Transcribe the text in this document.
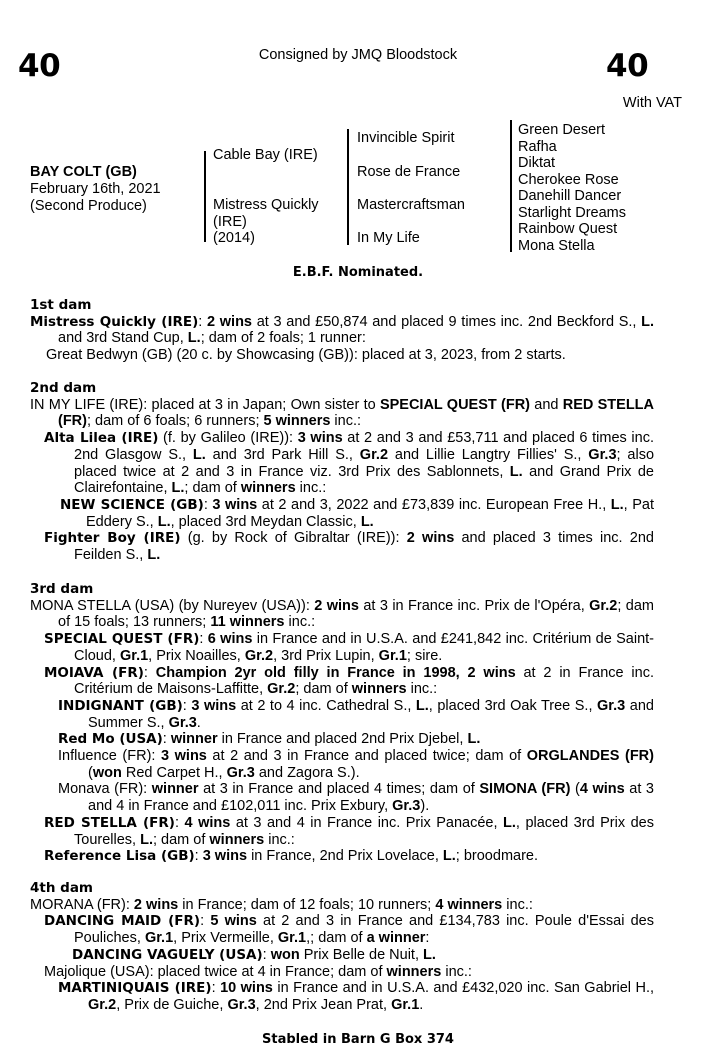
40	Consigned by JMQ Bloodstock	40
With VAT
BAY COLT (GB)
February 16th, 2021
(Second Produce)
Cable Bay (IRE)
Mistress Quickly
(IRE)
(2014)
Invincible Spirit
Rose de France
Mastercraftsman
In My Life
Green Desert
Rafha
Diktat
Cherokee Rose
Danehill Dancer
Starlight Dreams
Rainbow Quest
Mona Stella
E.B.F. Nominated.
1st dam

Mistress Quickly (IRE): 2 wins at 3 and £50,874 and placed 9 times inc. 2nd Beckford S., L. and 3rd Stand Cup, L.; dam of 2 foals; 1 runner:

Great Bedwyn (GB) (20 c. by Showcasing (GB)): placed at 3, 2023, from 2 starts.

2nd dam

IN MY LIFE (IRE): placed at 3 in Japan; Own sister to SPECIAL QUEST (FR) and RED STELLA (FR); dam of 6 foals; 6 runners; 5 winners inc.:

Alta Lilea (IRE) (f. by Galileo (IRE)): 3 wins at 2 and 3 and £53,711 and placed 6 times inc. 2nd Glasgow S., L. and 3rd Park Hill S., Gr.2 and Lillie Langtry Fillies' S., Gr.3; also placed twice at 2 and 3 in France viz. 3rd Prix des Sablonnets, L. and Grand Prix de Clairefontaine, L.; dam of winners inc.:

NEW SCIENCE (GB): 3 wins at 2 and 3, 2022 and £73,839 inc. European Free H., L., Pat Eddery S., L., placed 3rd Meydan Classic, L.

Fighter Boy (IRE) (g. by Rock of Gibraltar (IRE)): 2 wins and placed 3 times inc. 2nd Feilden S., L.

3rd dam

MONA STELLA (USA) (by Nureyev (USA)): 2 wins at 3 in France inc. Prix de l'Opéra, Gr.2; dam of 15 foals; 13 runners; 11 winners inc.:

SPECIAL QUEST (FR): 6 wins in France and in U.S.A. and £241,842 inc. Critérium de Saint-Cloud, Gr.1, Prix Noailles, Gr.2, 3rd Prix Lupin, Gr.1; sire.

MOIAVA (FR): Champion 2yr old filly in France in 1998, 2 wins at 2 in France inc. Critérium de Maisons-Laffitte, Gr.2; dam of winners inc.:

INDIGNANT (GB): 3 wins at 2 to 4 inc. Cathedral S., L., placed 3rd Oak Tree S., Gr.3 and Summer S., Gr.3.

Red Mo (USA): winner in France and placed 2nd Prix Djebel, L.

Influence (FR): 3 wins at 2 and 3 in France and placed twice; dam of ORGLANDES (FR) (won Red Carpet H., Gr.3 and Zagora S.).

Monava (FR): winner at 3 in France and placed 4 times; dam of SIMONA (FR) (4 wins at 3 and 4 in France and £102,011 inc. Prix Exbury, Gr.3).

RED STELLA (FR): 4 wins at 3 and 4 in France inc. Prix Panacée, L., placed 3rd Prix des Tourelles, L.; dam of winners inc.:

Reference Lisa (GB): 3 wins in France, 2nd Prix Lovelace, L.; broodmare.

4th dam

MORANA (FR): 2 wins in France; dam of 12 foals; 10 runners; 4 winners inc.:

DANCING MAID (FR): 5 wins at 2 and 3 in France and £134,783 inc. Poule d'Essai des Pouliches, Gr.1, Prix Vermeille, Gr.1,; dam of a winner:

DANCING VAGUELY (USA): won Prix Belle de Nuit, L.

Majolique (USA): placed twice at 4 in France; dam of winners inc.:

MARTINIQUAIS (IRE): 10 wins in France and in U.S.A. and £432,020 inc. San Gabriel H., Gr.2, Prix de Guiche, Gr.3, 2nd Prix Jean Prat, Gr.1.

Stabled in Barn G Box 374
